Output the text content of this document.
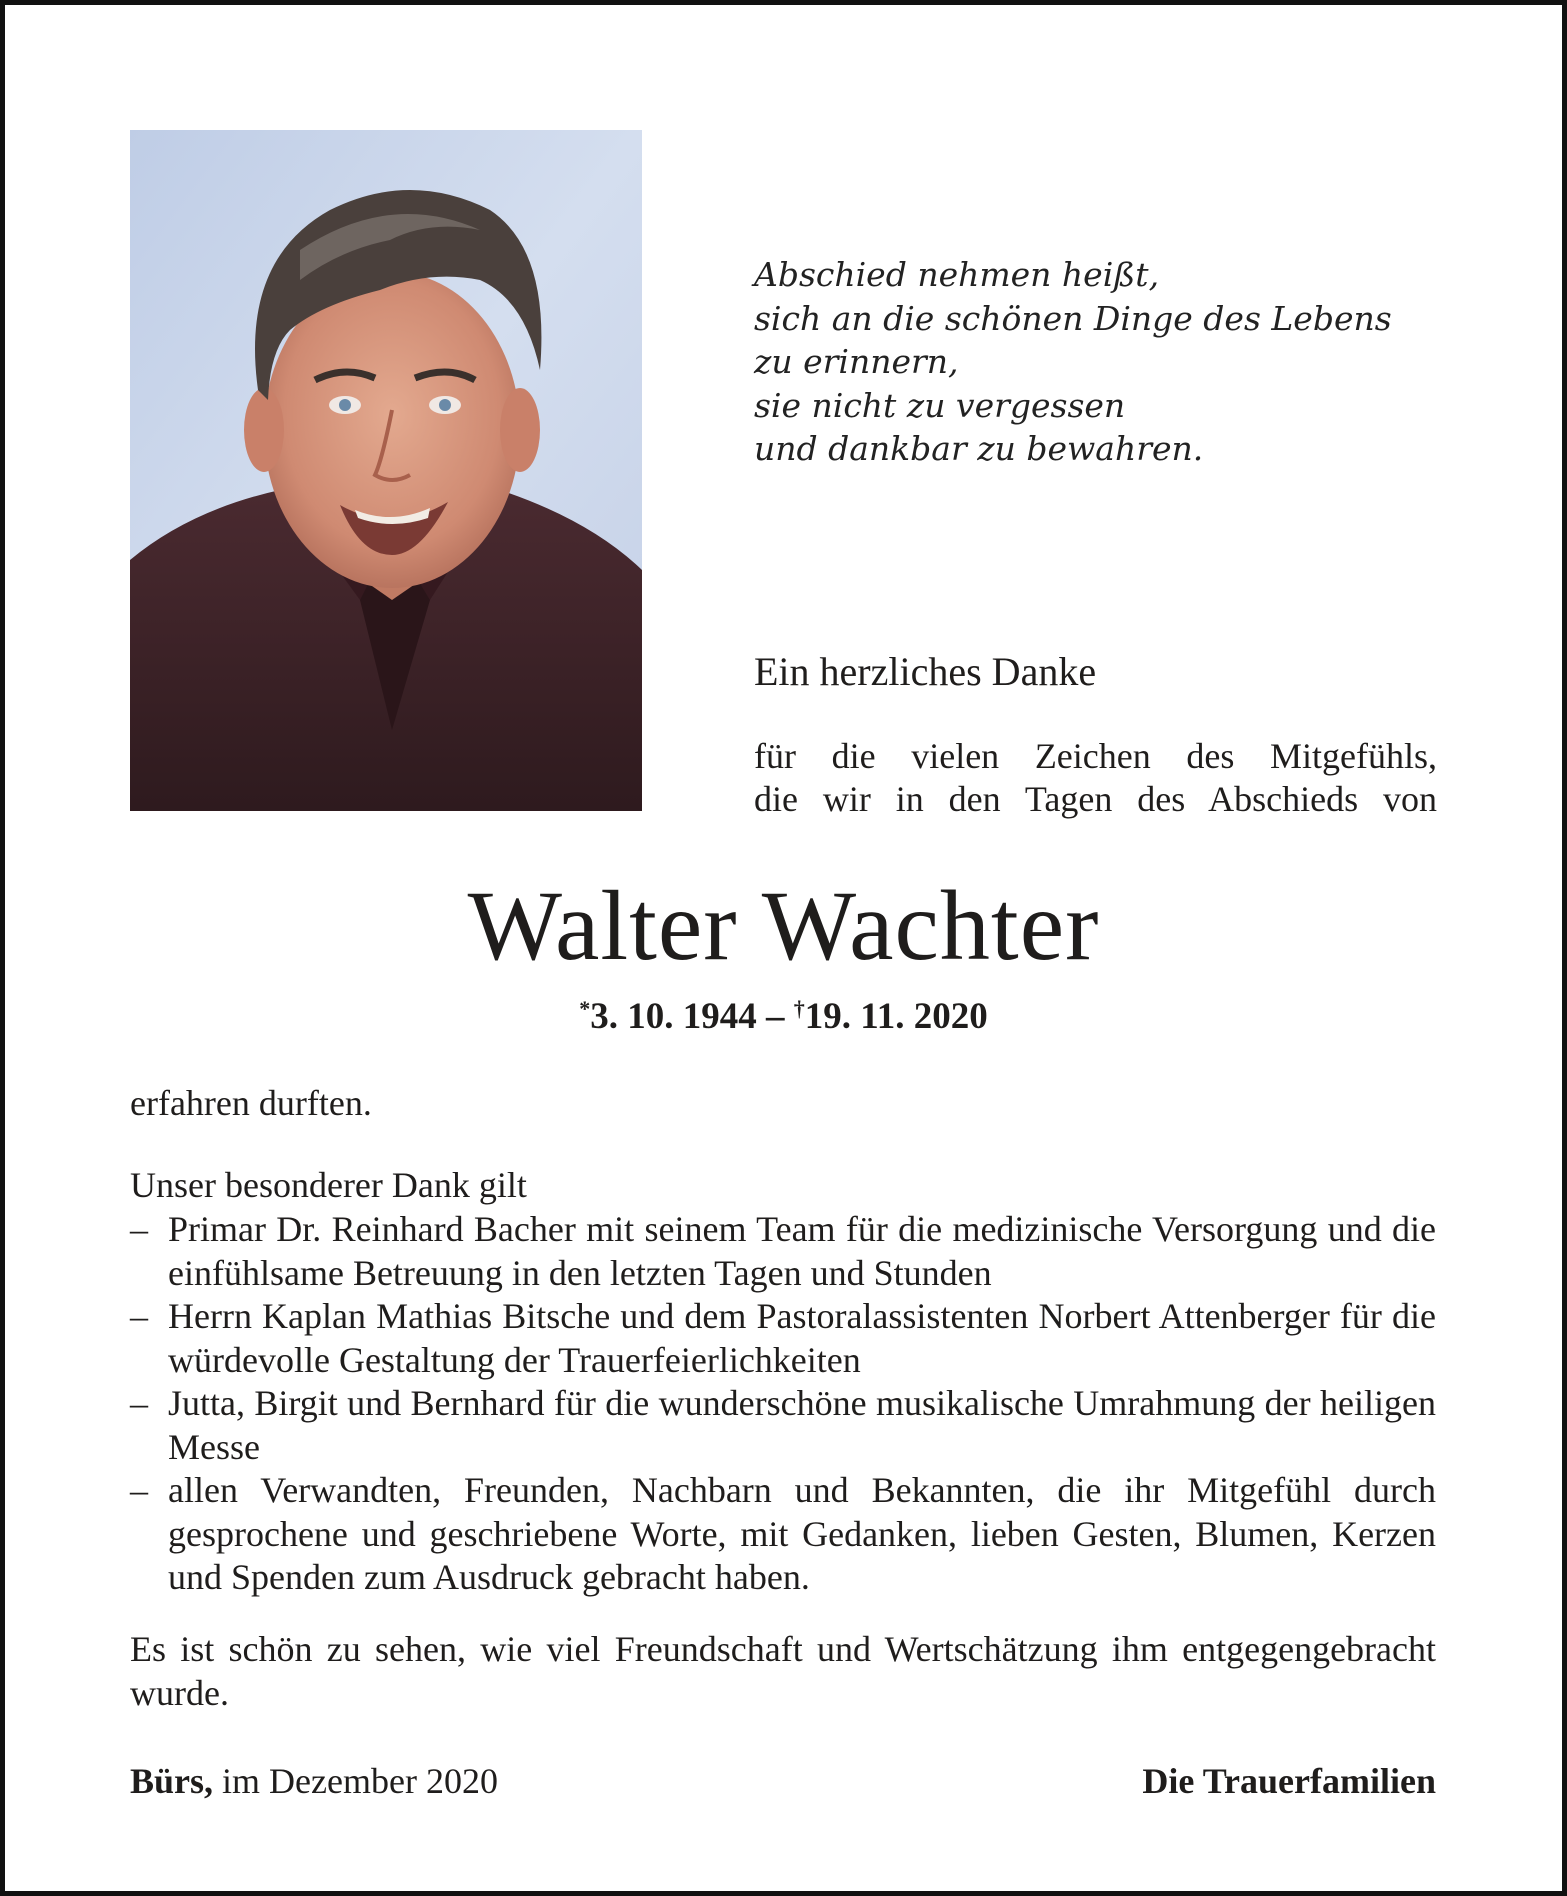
Abschied nehmen heißt,
sich an die schönen Dinge des Lebens
zu erinnern,
sie nicht zu vergessen
und dankbar zu bewahren.
Ein herzliches Danke
für die vielen Zeichen des Mitgefühls,
die wir in den Tagen des Abschieds von
Walter Wachter
*3. 10. 1944 – †19. 11. 2020
erfahren durften.
Unser besonderer Dank gilt
– Primar Dr. Reinhard Bacher mit seinem Team für die medizinische Versorgung und die einfühlsame Betreuung in den letzten Tagen und Stunden
– Herrn Kaplan Mathias Bitsche und dem Pastoralassistenten Norbert Attenberger für die würdevolle Gestaltung der Trauerfeierlichkeiten
– Jutta, Birgit und Bernhard für die wunderschöne musikalische Umrahmung der heiligen Messe
– allen Verwandten, Freunden, Nachbarn und Bekannten, die ihr Mitgefühl durch gesprochene und geschriebene Worte, mit Gedanken, lieben Gesten, Blumen, Kerzen und Spenden zum Ausdruck gebracht haben.
Es ist schön zu sehen, wie viel Freundschaft und Wertschätzung ihm entgegengebracht wurde.
Bürs, im Dezember 2020	Die Trauerfamilien
